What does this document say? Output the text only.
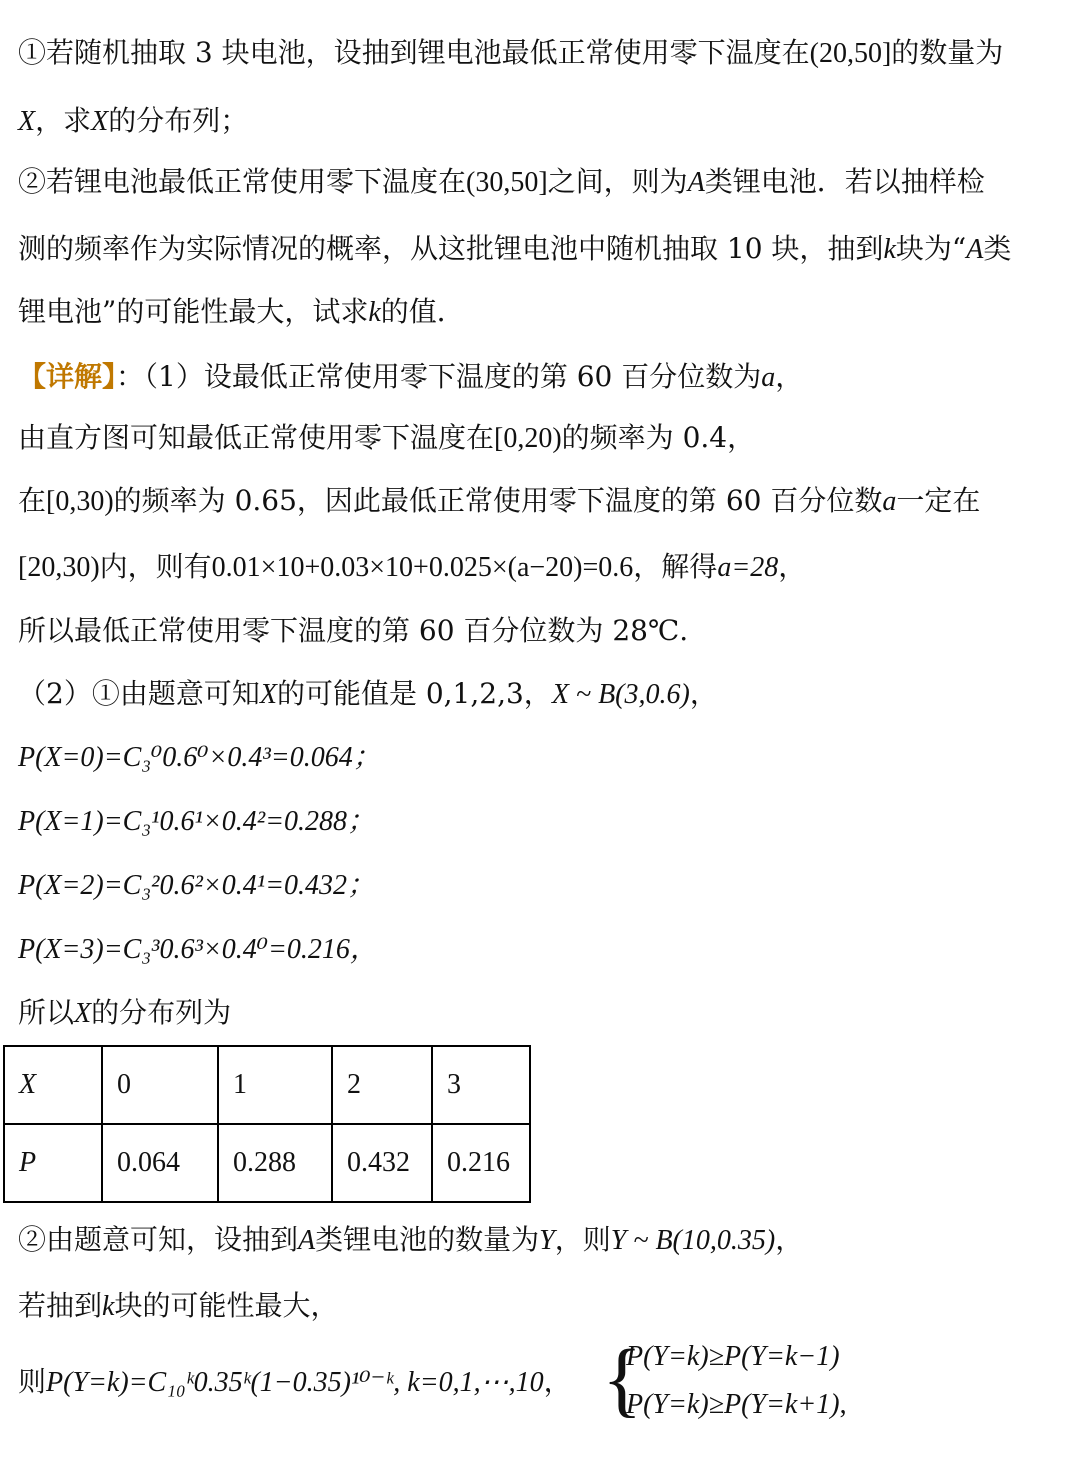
①若随机抽取 3 块电池，设抽到锂电池最低正常使用零下温度在(20,50]的数量为
X，求X的分布列；
②若锂电池最低正常使用零下温度在(30,50]之间，则为A类锂电池．若以抽样检
测的频率作为实际情况的概率，从这批锂电池中随机抽取 10 块，抽到k块为“A类
锂电池”的可能性最大，试求k的值．
【详解】：（1）设最低正常使用零下温度的第 60 百分位数为a，
由直方图可知最低正常使用零下温度在[0,20)的频率为 0.4，
在[0,30)的频率为 0.65，因此最低正常使用零下温度的第 60 百分位数a一定在
[20,30)内，则有0.01×10+0.03×10+0.025×(a−20)=0.6，解得a=28，
所以最低正常使用零下温度的第 60 百分位数为 28℃.
（2）①由题意可知X的可能值是 0,1,2,3，X ~ B(3,0.6)，
P(X=0)=C₃⁰0.6⁰×0.4³=0.064；
P(X=1)=C₃¹0.6¹×0.4²=0.288；
P(X=2)=C₃²0.6²×0.4¹=0.432；
P(X=3)=C₃³0.6³×0.4⁰=0.216，
所以X的分布列为
X	0	1	2	3
P	0.064	0.288	0.432	0.216
②由题意可知，设抽到A类锂电池的数量为Y，则Y ~ B(10,0.35)，
若抽到k块的可能性最大，
则P(Y=k)=C₁₀ᵏ0.35ᵏ(1−0.35)¹⁰⁻ᵏ, k=0,1,⋯,10， {
P(Y=k)≥P(Y=k−1)
P(Y=k)≥P(Y=k+1),
